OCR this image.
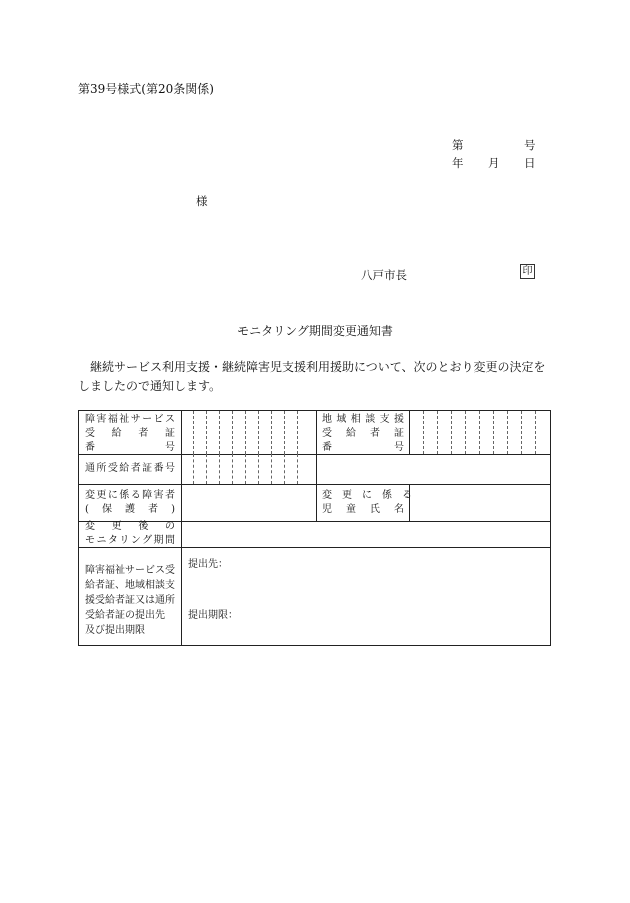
第39号様式(第20条関係)
第	号
年 月 日
様
八戸市長	印
モニタリング期間変更通知書
継続サービス利用支援・継続障害児支援利用援助について、次のとおり変更の決定をしましたので通知します。
障害福祉サービス
受　給　者　証
番　　　　　号
地域相談支援
受　給　者　証
番　　　　　号
通所受給者証番号
変更に係る障害者
(　保　護　者　)
変　更　に　係　る
児　童　氏　名
変　更　後　の
モニタリング期間
障害福祉サービス受
給者証、地域相談支
援受給者証又は通所
受給者証の提出先
及び提出期限
提出先：
提出期限：
